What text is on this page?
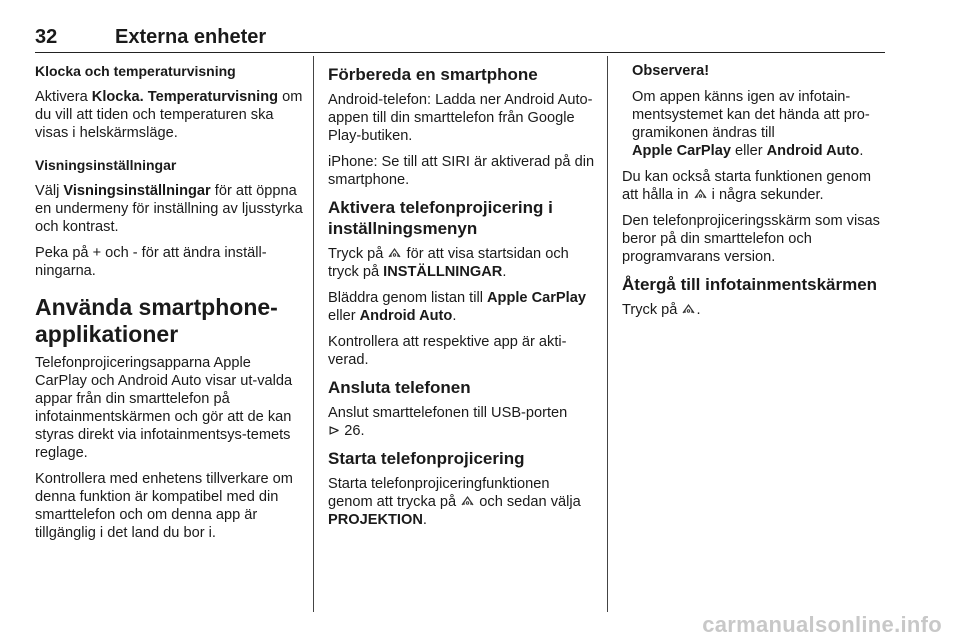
32	Externa enheter

Klocka och temperaturvisning

Aktivera Klocka. Temperaturvisning om du vill att tiden och temperaturen ska visas i helskärmsläge.

Visningsinställningar

Välj Visningsinställningar för att öppna en undermeny för inställning av ljusstyrka och kontrast.

Peka på + och - för att ändra inställ-ningarna.

Använda smartphone-applikationer

Telefonprojiceringsapparna Apple CarPlay och Android Auto visar ut-valda appar från din smarttelefon på infotainmentskärmen och gör att de kan styras direkt via infotainmentsys-temets reglage.

Kontrollera med enhetens tillverkare om denna funktion är kompatibel med din smarttelefon och om denna app är tillgänglig i det land du bor i.

Förbereda en smartphone

Android-telefon: Ladda ner Android Auto-appen till din smarttelefon från Google Play-butiken.

iPhone: Se till att SIRI är aktiverad på din smartphone.

Aktivera telefonprojicering i inställningsmenyn

Tryck på  för att visa startsidan och tryck på INSTÄLLNINGAR.

Bläddra genom listan till Apple CarPlay eller Android Auto.

Kontrollera att respektive app är akti-verad.

Ansluta telefonen

Anslut smarttelefonen till USB-porten
⊳ 26.

Starta telefonprojicering

Starta telefonprojiceringfunktionen genom att trycka på  och sedan välja PROJEKTION.

Observera!

Om appen känns igen av infotain-mentsystemet kan det hända att pro-gramikonen ändras till
Apple CarPlay eller Android Auto.

Du kan också starta funktionen genom att hålla in  i några sekunder.

Den telefonprojiceringsskärm som visas beror på din smarttelefon och programvarans version.

Återgå till infotainmentskärmen

Tryck på .

carmanualsonline.info
